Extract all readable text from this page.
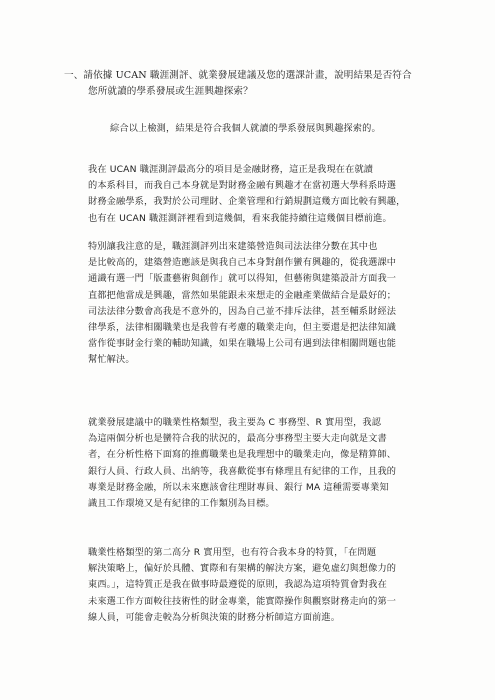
一、請依據 UCAN 職涯測評、就業發展建議及您的選課計畫，說明結果是否符合
您所就讀的學系發展或生涯興趣探索？
綜合以上檢測，結果是符合我個人就讀的學系發展與興趣探索的。
我在 UCAN 職涯測評最高分的項目是金融財務，這正是我現在在就讀
的本系科目，而我自己本身就是對財務金融有興趣才在當初選大學科系時選
財務金融學系，我對於公司理財、企業管理和行銷規劃這幾方面比較有興趣，
也有在 UCAN 職涯測評裡看到這幾個，看來我能持續往這幾個目標前進。
特別讓我注意的是，職涯測評列出來建築營造與司法法律分數在其中也
是比較高的，建築營造應該是與我自己本身對創作蠻有興趣的，從我選課中
通識有選一門「版畫藝術與創作」就可以得知，但藝術與建築設計方面我一
直都把他當成是興趣，當然如果能跟未來想走的金融產業做結合是最好的；
司法法律分數會高我是不意外的，因為自己並不排斥法律，甚至輔系財經法
律學系，法律相關職業也是我曾有考慮的職業走向，但主要還是把法律知識
當作從事財金行業的輔助知識，如果在職場上公司有遇到法律相關問題也能
幫忙解決。
就業發展建議中的職業性格類型，我主要為 C 事務型、R 實用型，我認
為這兩個分析也是蠻符合我的狀況的，最高分事務型主要大走向就是文書
者，在分析性格下面寫的推薦職業也是我理想中的職業走向，像是精算師、
銀行人員、行政人員、出納等，我喜歡從事有條理且有紀律的工作，且我的
專業是財務金融，所以未來應該會往理財專員、銀行 MA 這種需要專業知
識且工作環境又是有紀律的工作類別為目標。
職業性格類型的第二高分 R 實用型，也有符合我本身的特質，「在問題
解決策略上，偏好於具體、實際和有架構的解決方案，避免虛幻與想像力的
東西。」，這特質正是我在做事時最遵從的原則，我認為這項特質會對我在
未來選工作方面較往技術性的財金專業，能實際操作與觀察財務走向的第一
線人員，可能會走較為分析與決策的財務分析師這方面前進。
